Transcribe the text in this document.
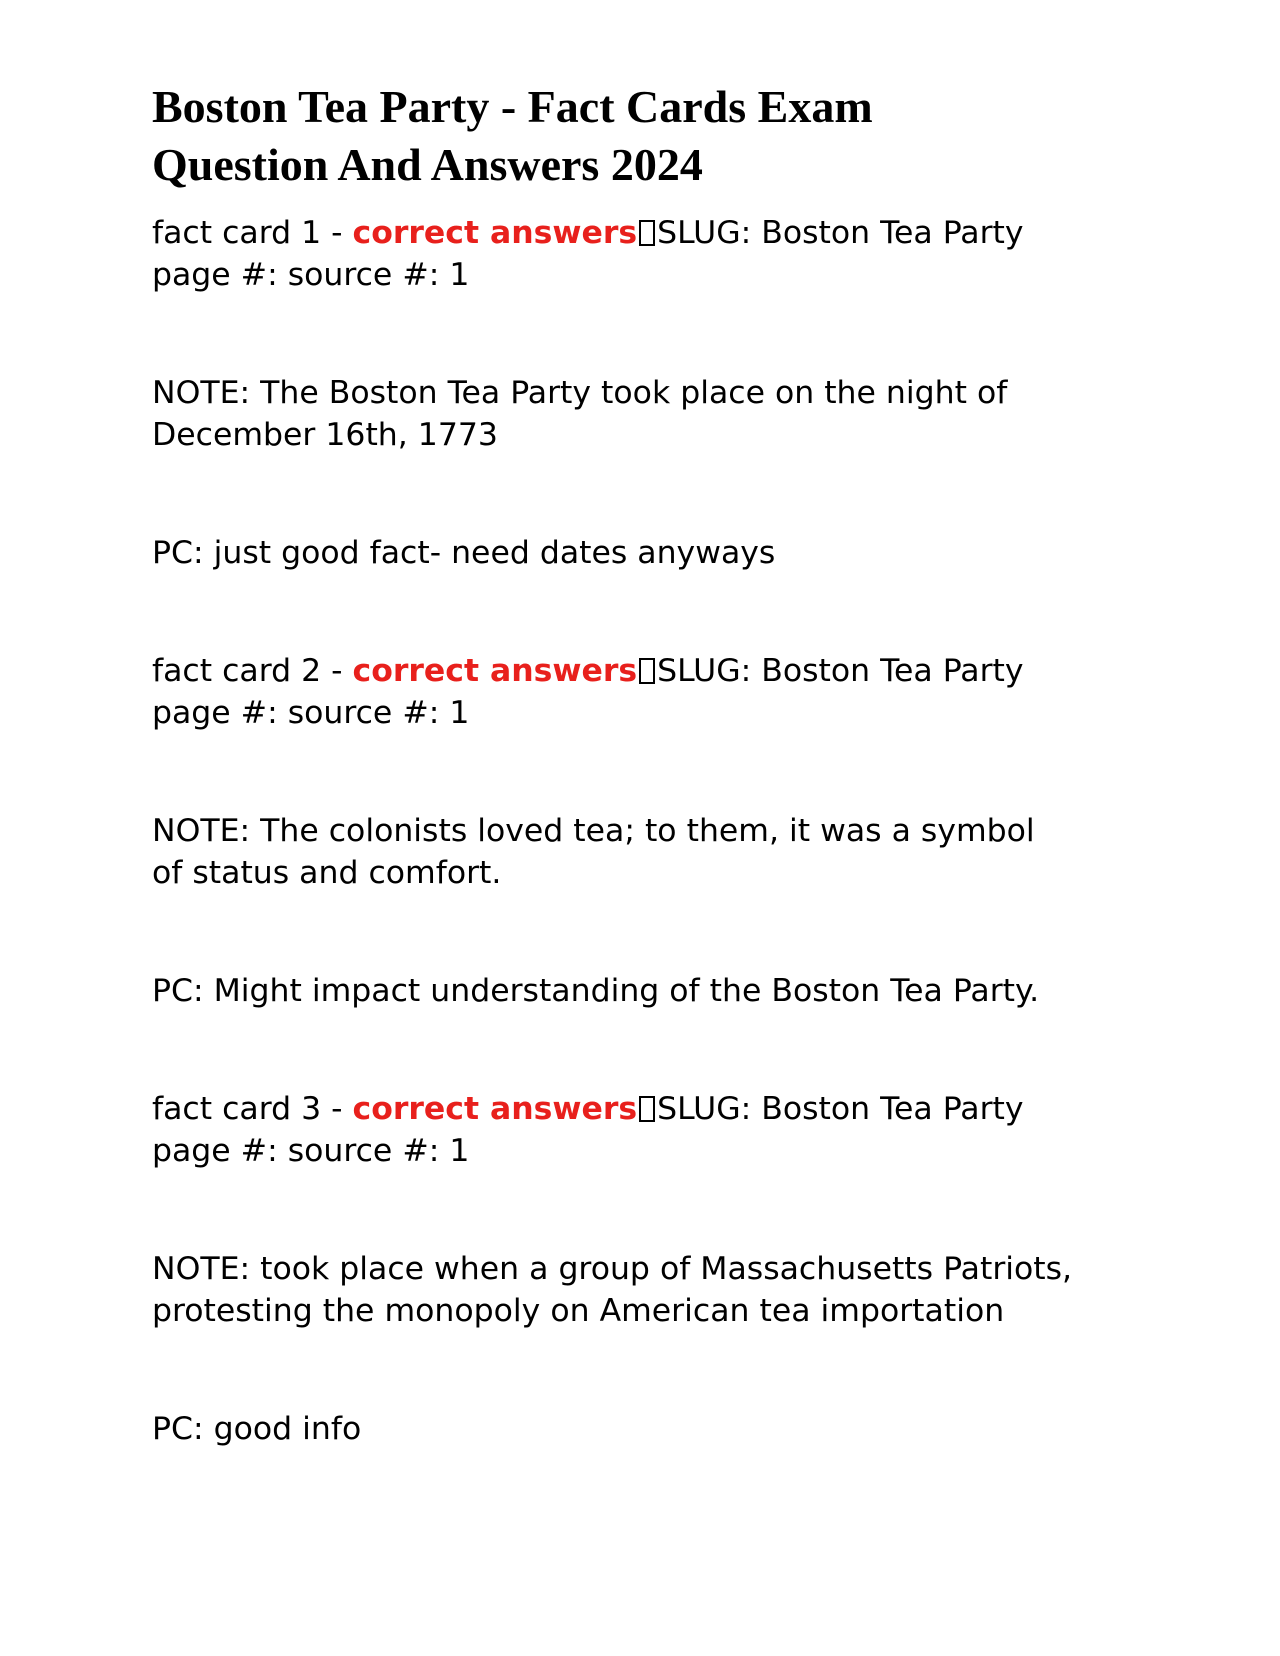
Boston Tea Party - Fact Cards Exam
Question And Answers 2024

fact card 1 - correct answers SLUG: Boston Tea Party
page #: source #: 1

NOTE: The Boston Tea Party took place on the night of December 16th, 1773

PC: just good fact- need dates anyways

fact card 2 - correct answers SLUG: Boston Tea Party
page #: source #: 1

NOTE: The colonists loved tea; to them, it was a symbol of status and comfort.

PC: Might impact understanding of the Boston Tea Party.

fact card 3 - correct answers SLUG: Boston Tea Party
page #: source #: 1

NOTE: took place when a group of Massachusetts Patriots, protesting the monopoly on American tea importation

PC: good info
